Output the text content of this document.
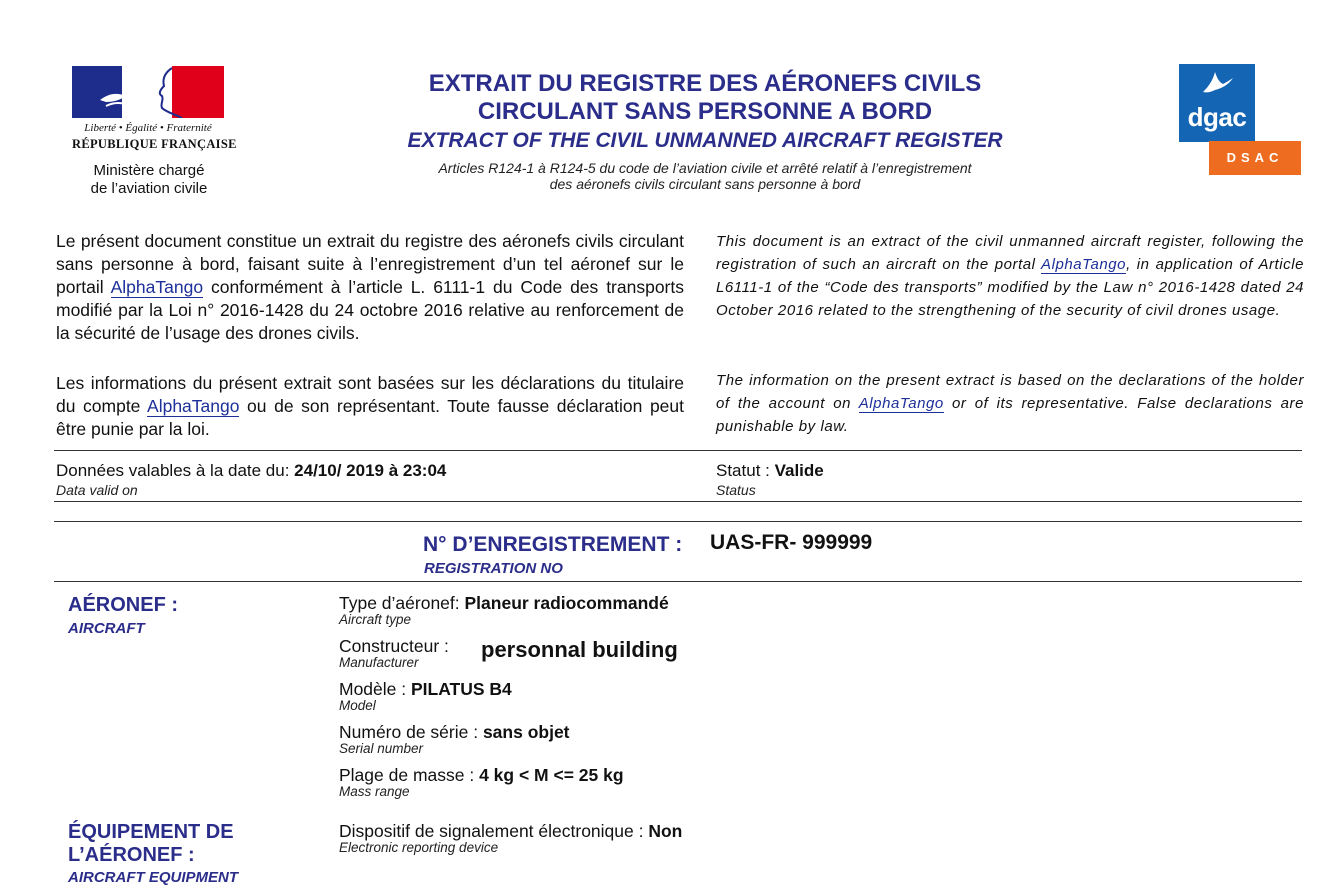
Liberté • Égalité • Fraternité
RÉPUBLIQUE FRANÇAISE
Ministère chargé
de l’aviation civile
dgac
DSAC
EXTRAIT DU REGISTRE DES AÉRONEFS CIVILS
CIRCULANT SANS PERSONNE A BORD
EXTRACT OF THE CIVIL UNMANNED AIRCRAFT REGISTER
Articles R124-1 à R124-5 du code de l’aviation civile et arrêté relatif à l’enregistrement
des aéronefs civils circulant sans personne à bord
Le présent document constitue un extrait du registre des aéronefs civils circulant sans personne à bord, faisant suite à l’enregistrement d’un tel aéronef sur le portail AlphaTango conformément à l’article L. 6111-1 du Code des transports modifié par la Loi n° 2016-1428 du 24 octobre 2016 relative au renforcement de la sécurité de l’usage des drones civils.
Les informations du présent extrait sont basées sur les déclarations du titulaire du compte AlphaTango ou de son représentant. Toute fausse déclaration peut être punie par la loi.
This document is an extract of the civil unmanned aircraft register, following the registration of such an aircraft on the portal AlphaTango, in application of Article L6111-1 of the “Code des transports” modified by the Law n° 2016-1428 dated 24 October 2016 related to the strengthening of the security of civil drones usage.
The information on the present extract is based on the declarations of the holder of the account on AlphaTango or of its representative. False declarations are punishable by law.
Données valables à la date du: 24/10/ 2019 à 23:04
Data valid on
Statut : Valide
Status
N° D’ENREGISTREMENT : UAS-FR- 999999
REGISTRATION NO
AÉRONEF :
AIRCRAFT
Type d’aéronef: Planeur radiocommandé
Aircraft type
Constructeur :
Manufacturer
personnal building
Modèle : PILATUS B4
Model
Numéro de série : sans objet
Serial number
Plage de masse : 4 kg < M <= 25 kg
Mass range
ÉQUIPEMENT DE
L’AÉRONEF :
AIRCRAFT EQUIPMENT
Dispositif de signalement électronique : Non
Electronic reporting device
